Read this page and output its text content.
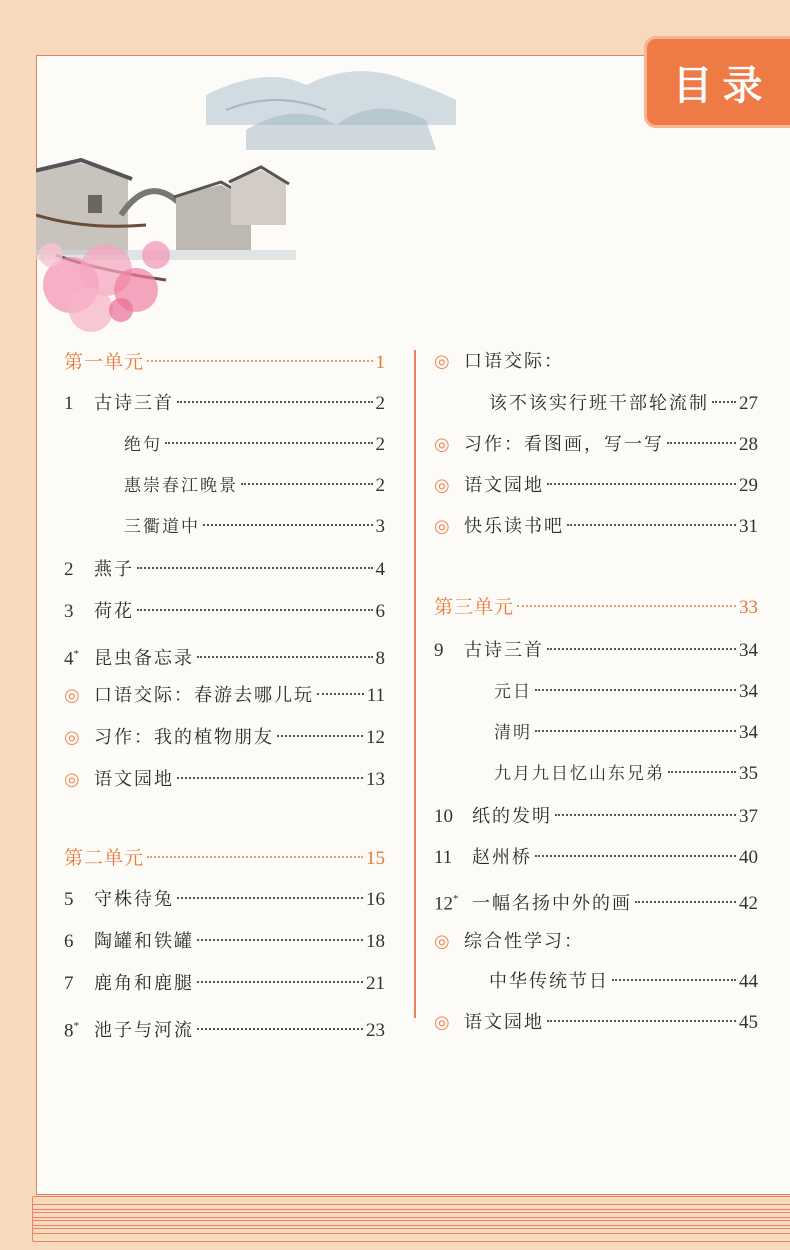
目录
第一单元	1
1	古诗三首	2
绝句	2
惠崇春江晚景	2
三衢道中	3
2	燕子	4
3	荷花	6
4* 昆虫备忘录	8
◎ 口语交际：春游去哪儿玩	11
◎ 习作：我的植物朋友	12
◎ 语文园地	13
第二单元	15
5	守株待兔	16
6	陶罐和铁罐	18
7	鹿角和鹿腿	21
8* 池子与河流	23
◎ 口语交际：
该不该实行班干部轮流制 27
◎ 习作：看图画，写一写	28
◎ 语文园地	29
◎ 快乐读书吧	31
第三单元	33
9	古诗三首	34
元日	34
清明	34
九月九日忆山东兄弟	35
10	纸的发明	37
11	赵州桥	40
12* 一幅名扬中外的画	42
◎ 综合性学习：
中华传统节日	44
◎ 语文园地	45
